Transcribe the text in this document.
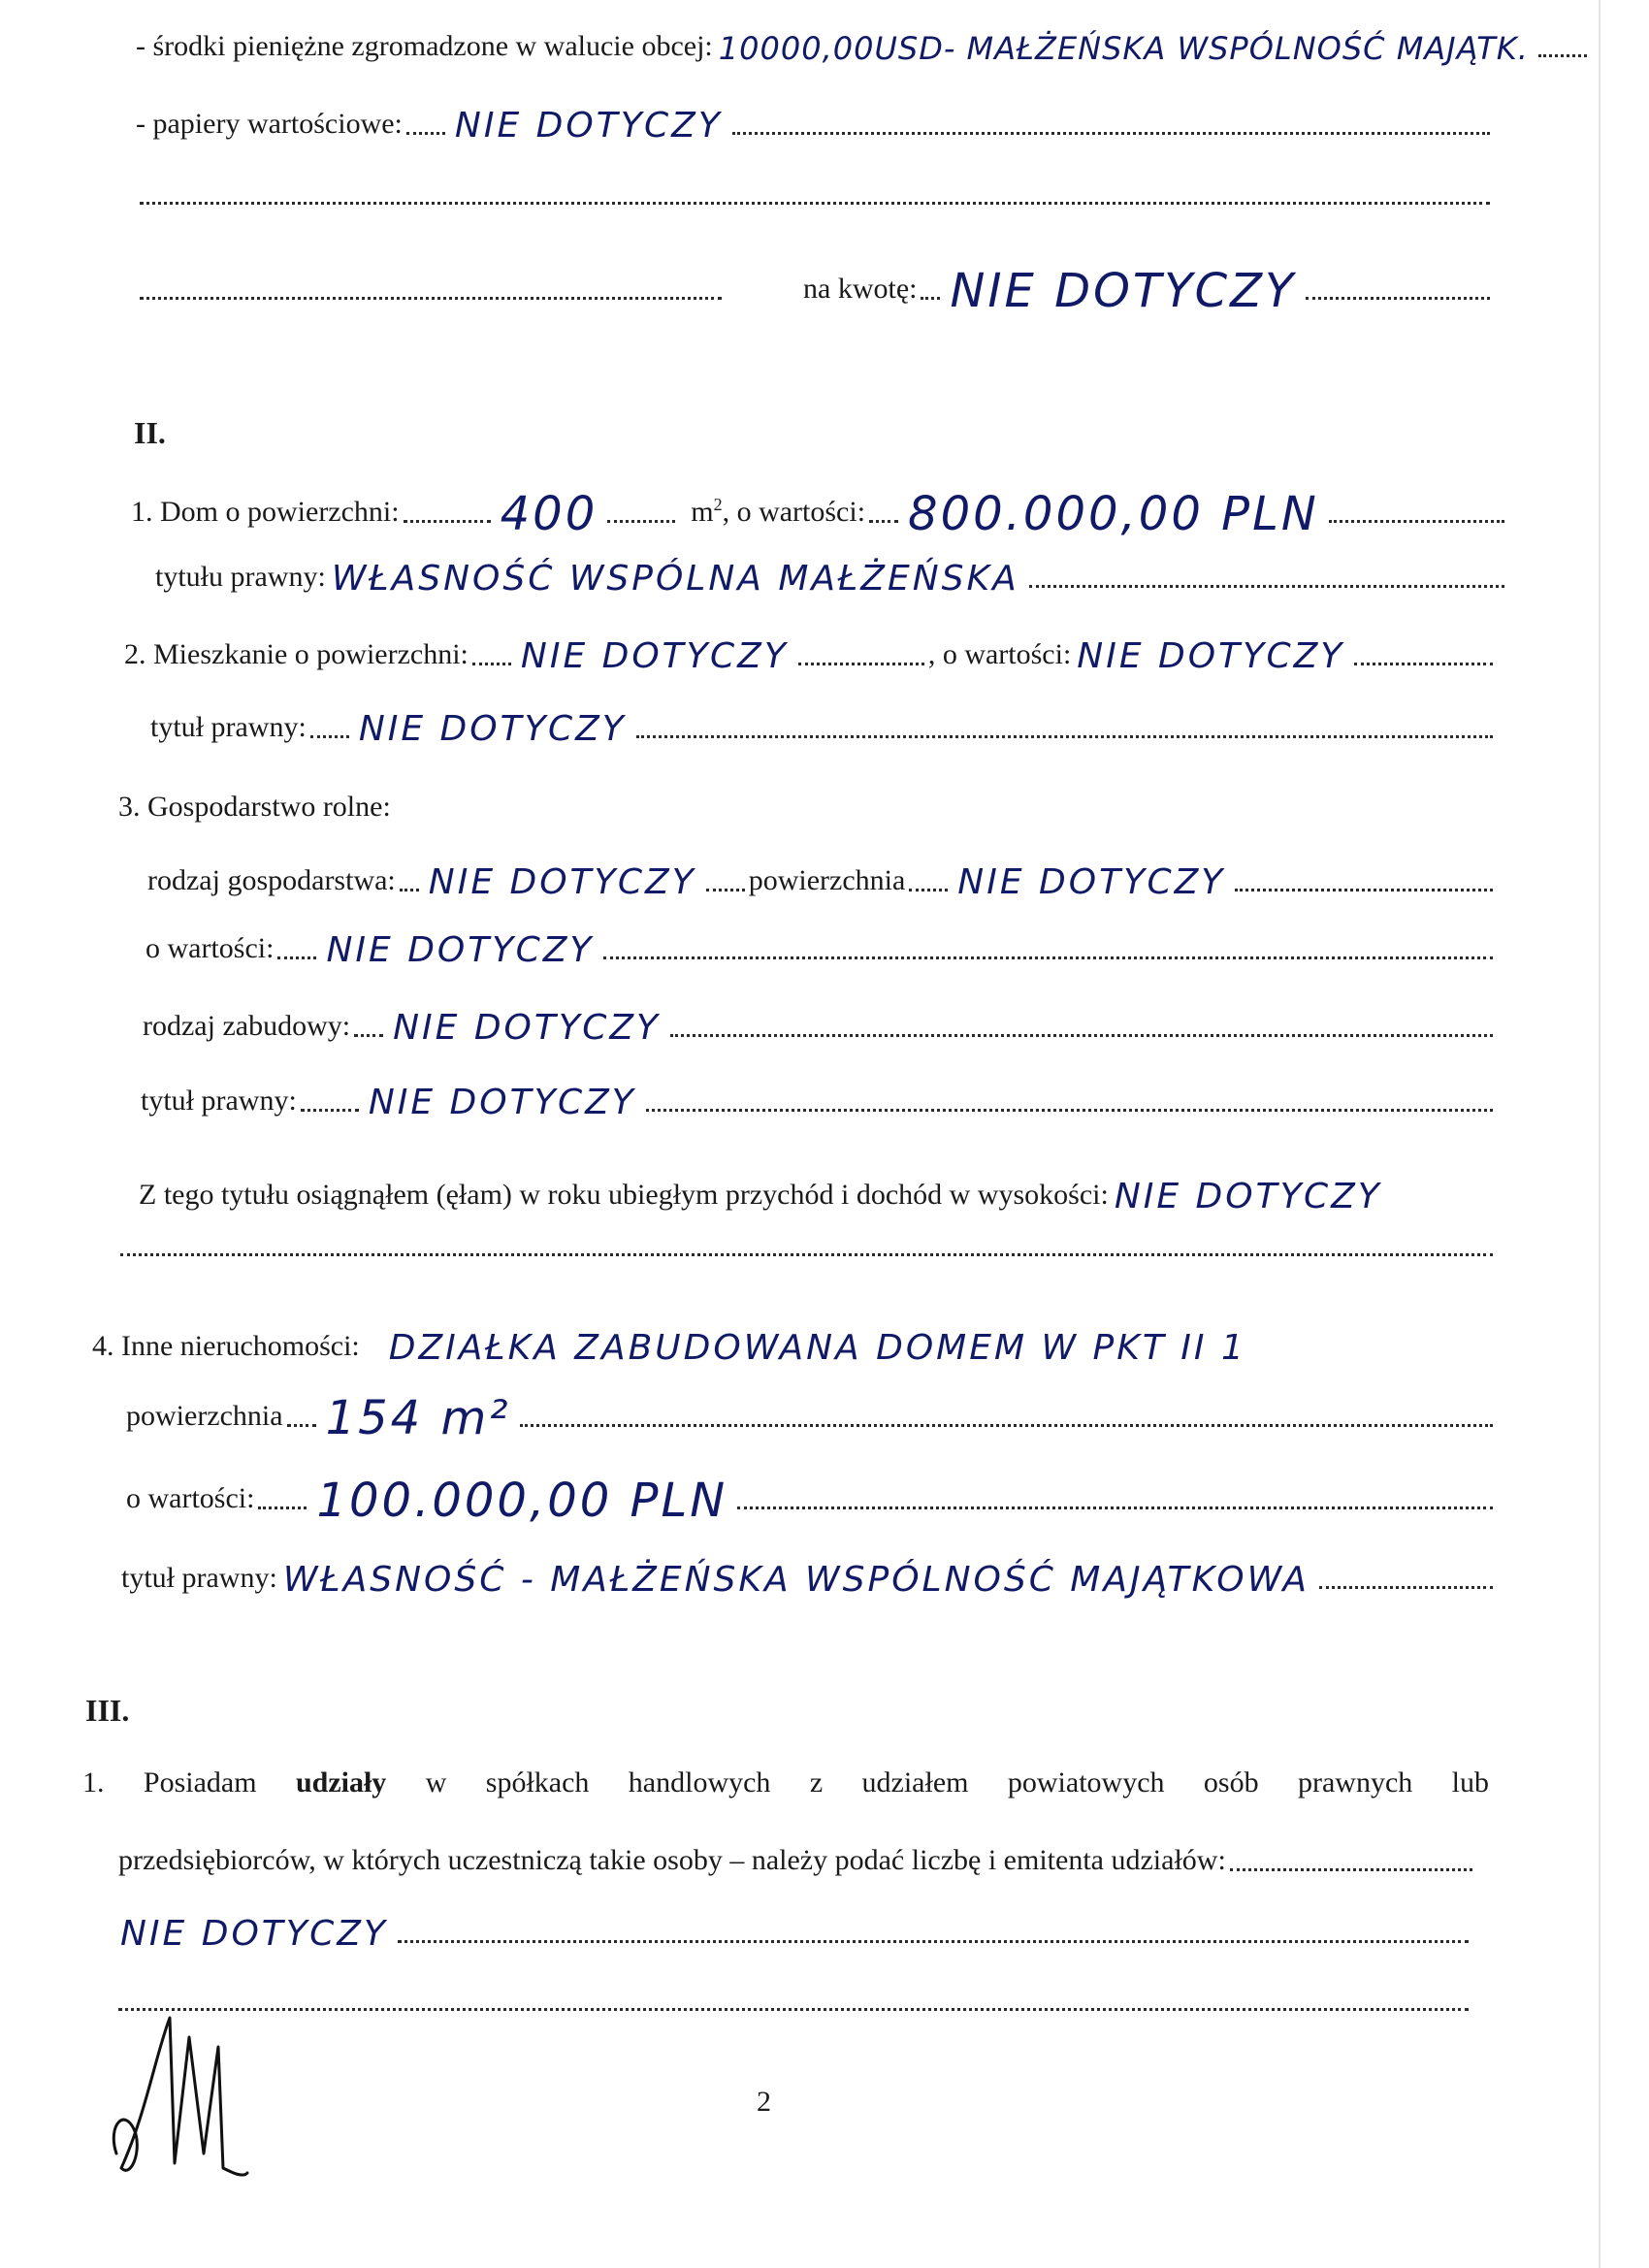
- środki pieniężne zgromadzone w walucie obcej: 10000,00USD- MAŁŻEŃSKA WSPÓLNOŚĆ MAJĄTK.
- papiery wartościowe: NIE DOTYCZY
na kwotę: NIE DOTYCZY
II.
1. Dom o powierzchni: 400	$m^2$ , o wartości: 800.000,00 PLN
tytułu prawny: WŁASNOŚĆ WSPÓLNA MAŁŻEŃSKA
2. Mieszkanie o powierzchni: NIE DOTYCZY	, o wartości: NIE DOTYCZY
tytuł prawny: NIE DOTYCZY
3. Gospodarstwo rolne:
rodzaj gospodarstwa: NIE DOTYCZY powierzchnia NIE DOTYCZY
o wartości: NIE DOTYCZY
rodzaj zabudowy: NIE DOTYCZY
tytuł prawny: NIE DOTYCZY
Z tego tytułu osiągnąłem (ęłam) w roku ubiegłym przychód i dochód w wysokości: NIE DOTYCZY
4. Inne nieruchomości: DZIAŁKA ZABUDOWANA DOMEM W PKT II 1
powierzchnia 154 m²
o wartości: 100.000,00 PLN
tytuł prawny: WŁASNOŚĆ - MAŁŻEŃSKA WSPÓLNOŚĆ MAJĄTKOWA
III.
1. Posiadam udziały w spółkach handlowych z udziałem powiatowych osób prawnych lub
przedsiębiorców, w których uczestniczą takie osoby – należy podać liczbę i emitenta udziałów:
NIE DOTYCZY
2
